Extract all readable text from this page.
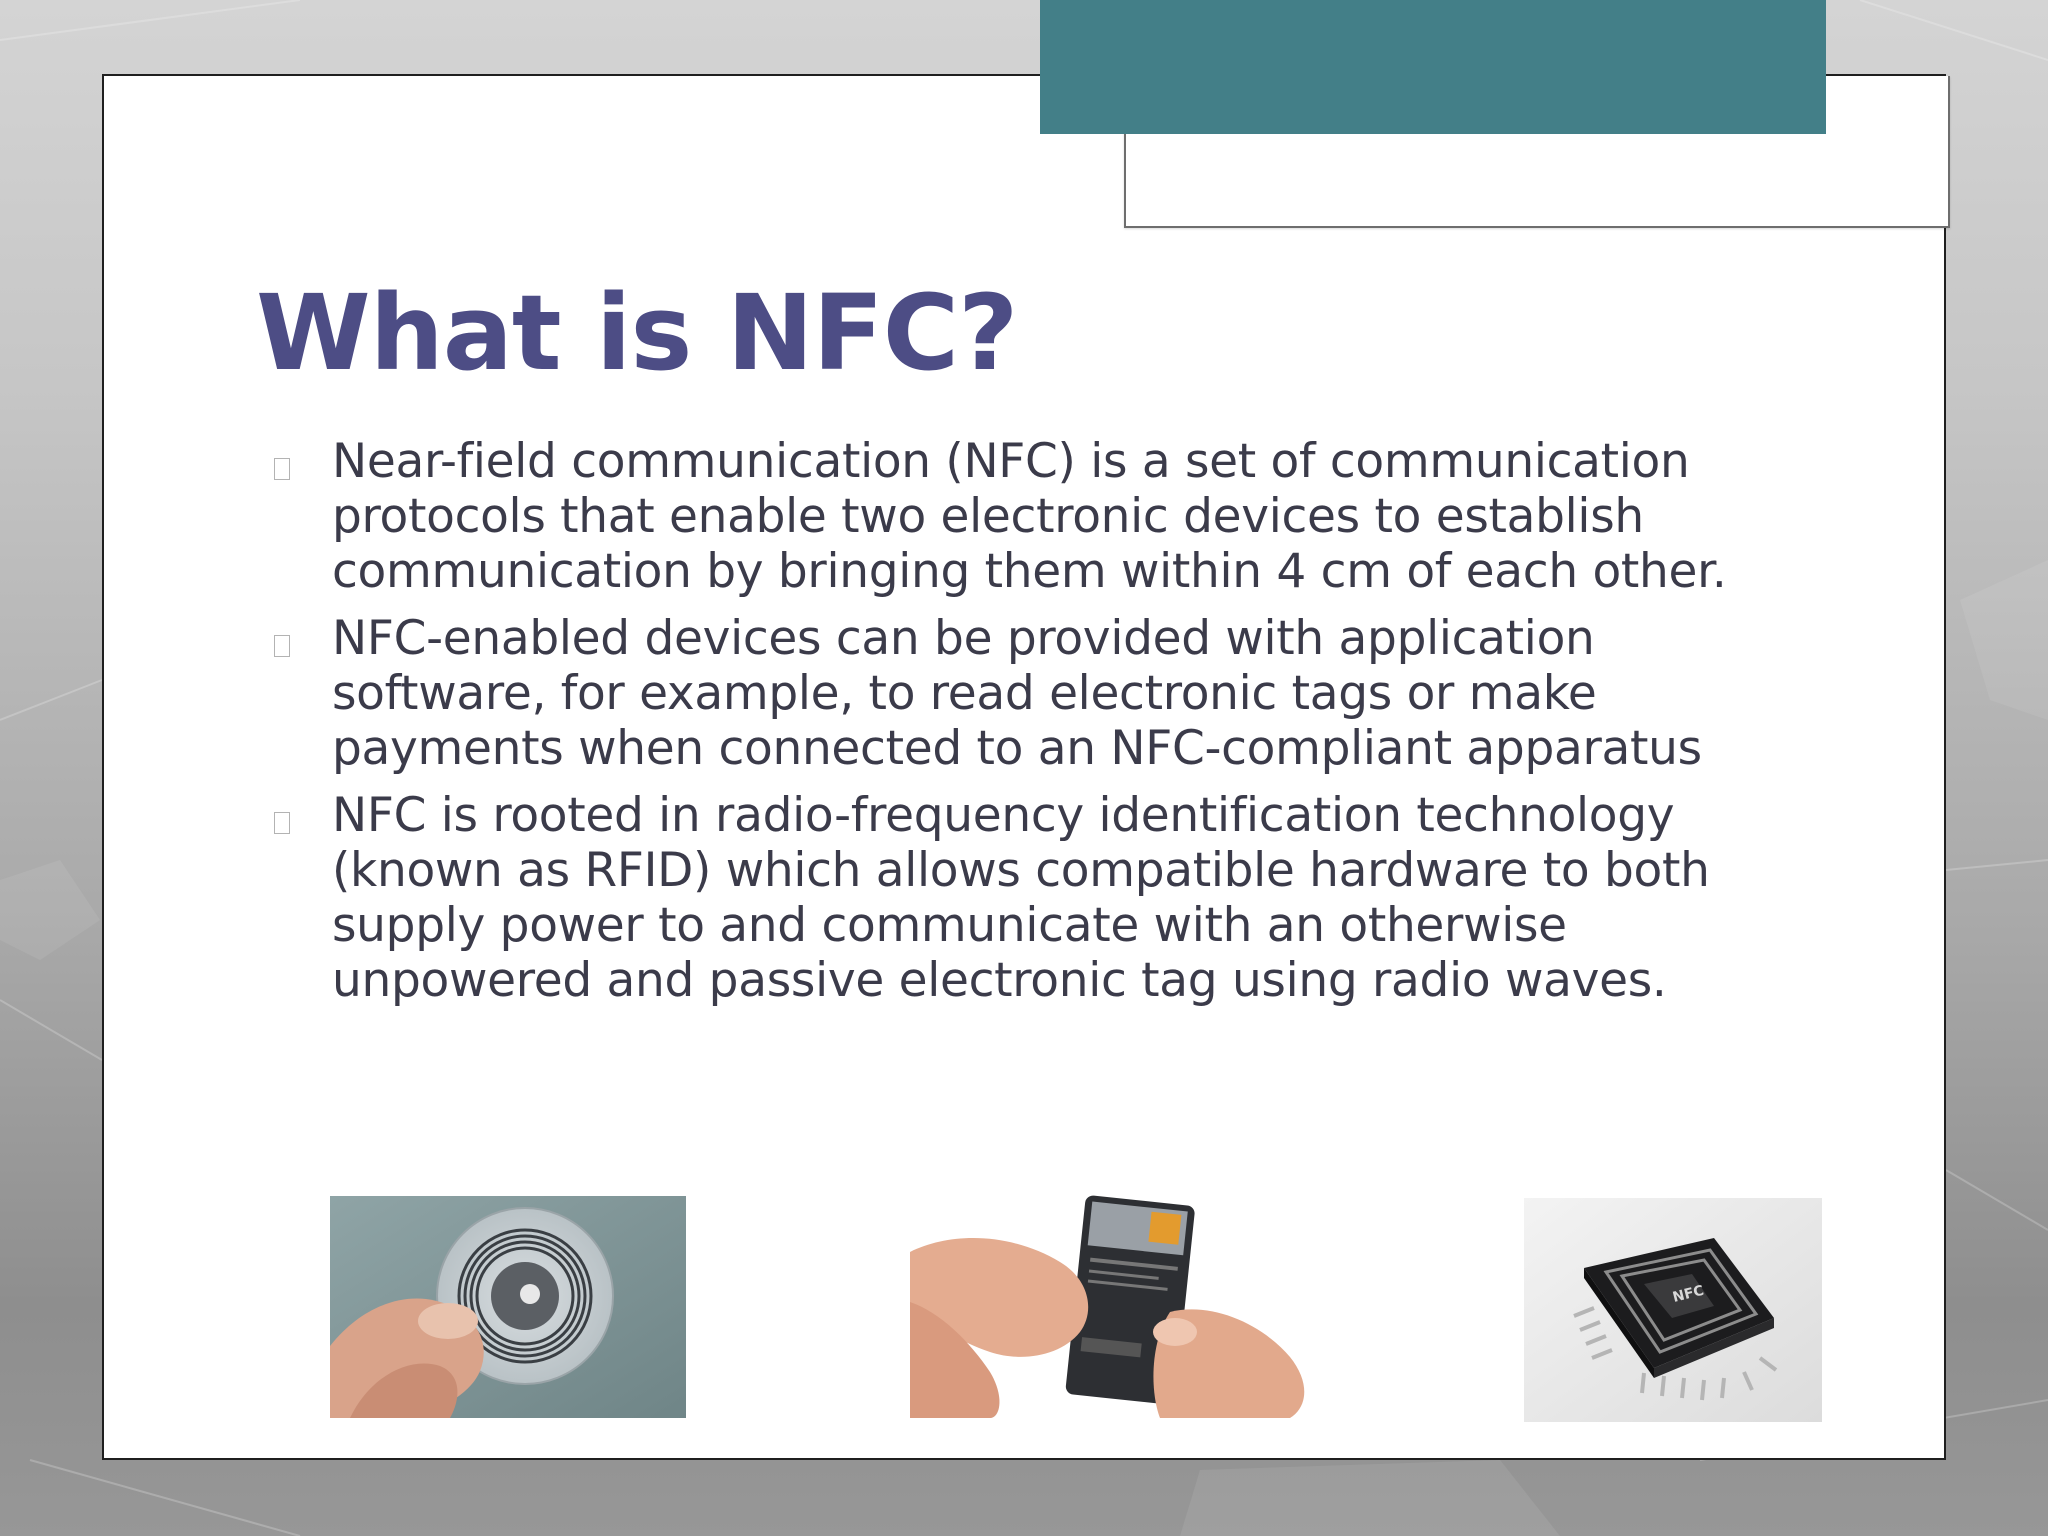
What is NFC?
Near-field communication (NFC) is a set of communication protocols that enable two electronic devices to establish communication by bringing them within 4 cm of each other.
NFC-enabled devices can be provided with application software, for example, to read electronic tags or make payments when connected to an NFC-compliant apparatus
NFC is rooted in radio-frequency identification technology (known as RFID) which allows compatible hardware to both supply power to and communicate with an otherwise unpowered and passive electronic tag using radio waves.
NFC
